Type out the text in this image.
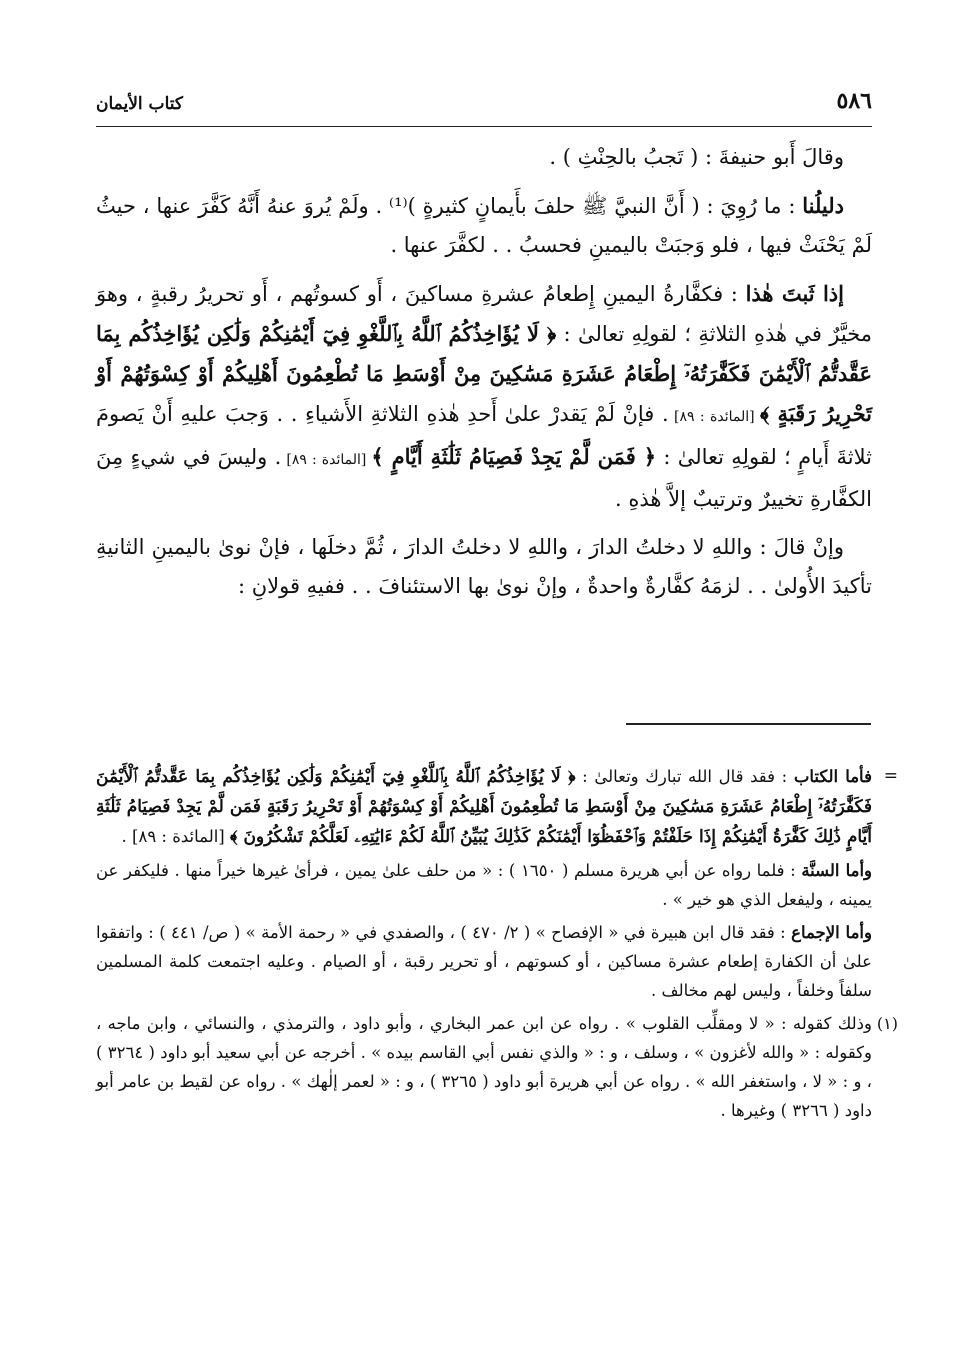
٥٨٦
كتاب الأيمان

وقالَ أَبو حنيفةَ : ( تَجبُ بالحِنْثِ ) .

دليلُنا : ما رُوِيَ : ( أَنَّ النبيَّ ﷺ حلفَ بأَيمانٍ كثيرةٍ )⁽¹⁾ . ولَمْ يُروَ عنهُ أَنَّهُ كَفَّرَ عنها ، حيثُ لَمْ يَحْنَثْ فيها ، فلو وَجبَتْ باليمينِ فحسبُ . . لكفَّرَ عنها .

إذا ثَبتَ هٰذا : فكفَّارةُ اليمينِ إِطعامُ عشرةِ مساكينَ ، أَو كسوتُهم ، أَو تحريرُ رقبةٍ ، وهوَ مخيَّرٌ في هٰذهِ الثلاثةِ ؛ لقولِهِ تعالىٰ : ﴿ لَا يُؤَاخِذُكُمُ ٱللَّهُ بِٱللَّغْوِ فِيٓ أَيْمَٰنِكُمْ وَلَٰكِن يُؤَاخِذُكُم بِمَا عَقَّدتُّمُ ٱلْأَيْمَٰنَ فَكَفَّٰرَتُهُۥٓ إِطْعَامُ عَشَرَةِ مَسَٰكِينَ مِنْ أَوْسَطِ مَا تُطْعِمُونَ أَهْلِيكُمْ أَوْ كِسْوَتُهُمْ أَوْ تَحْرِيرُ رَقَبَةٍ ﴾ [المائدة : ٨٩] . فإنْ لَمْ يَقدرْ علىٰ أَحدِ هٰذهِ الثلاثةِ الأَشياءِ . . وَجبَ عليهِ أَنْ يَصومَ ثلاثةَ أَيامٍ ؛ لقولِهِ تعالىٰ : ﴿ فَمَن لَّمْ يَجِدْ فَصِيَامُ ثَلَٰثَةِ أَيَّامٍ ﴾ [المائدة : ٨٩] . وليسَ في شيءٍ مِنَ الكفَّارةِ تخييرٌ وترتيبٌ إلاَّ هٰذهِ .

وإنْ قالَ : واللهِ لا دخلتُ الدارَ ، واللهِ لا دخلتُ الدارَ ، ثُمَّ دخلَها ، فإنْ نوىٰ باليمينِ الثانيةِ تأكيدَ الأُولىٰ . . لزمَهُ كفَّارةٌ واحدةٌ ، وإنْ نوىٰ بها الاستئنافَ . . ففيهِ قولانِ :

=
فأما الكتاب : فقد قال الله تبارك وتعالىٰ : ﴿ لَا يُؤَاخِذُكُمُ ٱللَّهُ بِٱللَّغْوِ فِيٓ أَيْمَٰنِكُمْ وَلَٰكِن يُؤَاخِذُكُم بِمَا عَقَّدتُّمُ ٱلْأَيْمَٰنَ فَكَفَّٰرَتُهُۥٓ إِطْعَامُ عَشَرَةِ مَسَٰكِينَ مِنْ أَوْسَطِ مَا تُطْعِمُونَ أَهْلِيكُمْ أَوْ كِسْوَتُهُمْ أَوْ تَحْرِيرُ رَقَبَةٍ فَمَن لَّمْ يَجِدْ فَصِيَامُ ثَلَٰثَةِ أَيَّامٍ ذَٰلِكَ كَفَّٰرَةُ أَيْمَٰنِكُمْ إِذَا حَلَفْتُمْ وَٱحْفَظُوٓا أَيْمَٰنَكُمْ كَذَٰلِكَ يُبَيِّنُ ٱللَّهُ لَكُمْ ءَايَٰتِهِۦ لَعَلَّكُمْ تَشْكُرُونَ ﴾ [المائدة : ٨٩] .

وأما السنَّة : فلما رواه عن أبي هريرة مسلم ( ١٦٥٠ ) : « من حلف علىٰ يمين ، فرأىٰ غيرها خيراً منها . فليكفر عن يمينه ، وليفعل الذي هو خير » .

وأما الإجماع : فقد قال ابن هبيرة في « الإفصاح » ( ٢/ ٤٧٠ ) ، والصفدي في « رحمة الأمة » ( ص/ ٤٤١ ) : واتفقوا علىٰ أن الكفارة إطعام عشرة مساكين ، أو كسوتهم ، أو تحرير رقبة ، أو الصيام . وعليه اجتمعت كلمة المسلمين سلفاً وخلفاً ، وليس لهم مخالف .

(١)
وذلك كقوله : « لا ومقلِّب القلوب » . رواه عن ابن عمر البخاري ، وأبو داود ، والترمذي ، والنسائي ، وابن ماجه ، وكقوله : « والله لأغزون » ، وسلف ، و : « والذي نفس أبي القاسم بيده » . أخرجه عن أبي سعيد أبو داود ( ٣٢٦٤ ) ، و : « لا ، واستغفر الله » . رواه عن أبي هريرة أبو داود ( ٣٢٦٥ ) ، و : « لعمر إلٰهك » . رواه عن لقيط بن عامر أبو داود ( ٣٢٦٦ ) وغيرها .
